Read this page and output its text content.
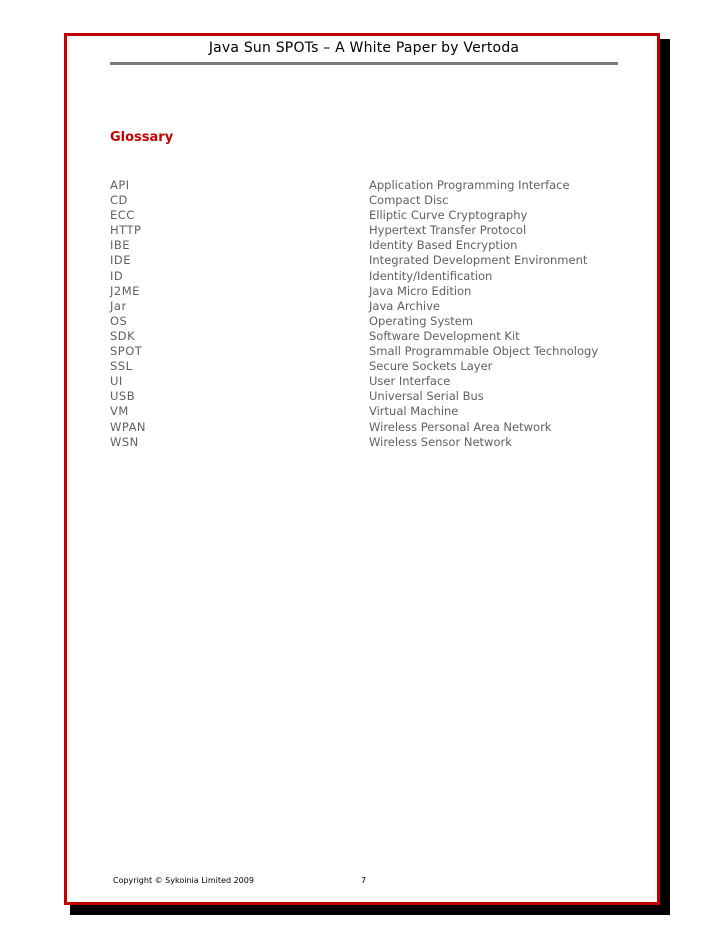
Java Sun SPOTs – A White Paper by Vertoda
Glossary
API	Application Programming Interface
CD	Compact Disc
ECC	Elliptic Curve Cryptography
HTTP	Hypertext Transfer Protocol
IBE	Identity Based Encryption
IDE	Integrated Development Environment
ID	Identity/Identification
J2ME	Java Micro Edition
Jar	Java Archive
OS	Operating System
SDK	Software Development Kit
SPOT	Small Programmable Object Technology
SSL	Secure Sockets Layer
UI	User Interface
USB	Universal Serial Bus
VM	Virtual Machine
WPAN	Wireless Personal Area Network
WSN	Wireless Sensor Network
Copyright © Sykoinia Limited 2009	7
